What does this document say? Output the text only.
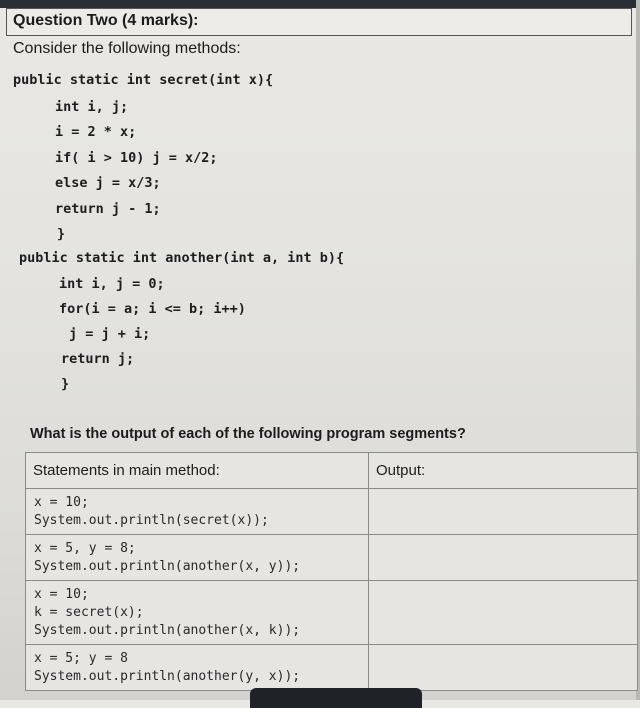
Question Two (4 marks):
Consider the following methods:
public static int secret(int x){
int i, j;
i = 2 * x;
if( i > 10) j = x/2;
else j = x/3;
return j - 1;
}
public static int another(int a, int b){
int i, j = 0;
for(i = a; i <= b; i++)
j = j + i;
return j;
}
What is the output of each of the following program segments?
Statements in main method:	Output:

x = 10;
System.out.println(secret(x));	

x = 5, y = 8;
System.out.println(another(x, y));	

x = 10;
k = secret(x);
System.out.println(another(x, k));	

x = 5; y = 8
System.out.println(another(y, x));	
